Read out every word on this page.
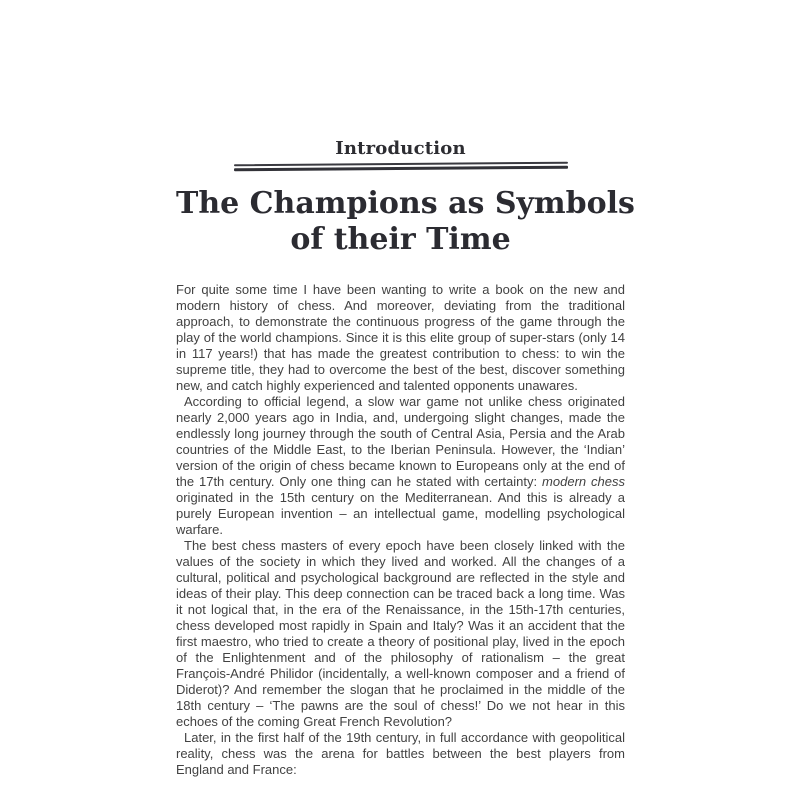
Introduction
The Champions as Symbols
of their Time

For quite some time I have been wanting to write a book on the new and modern history of chess. And moreover, deviating from the traditional approach, to demonstrate the continuous progress of the game through the play of the world champions. Since it is this elite group of super-stars (only 14 in 117 years!) that has made the greatest contribution to chess: to win the supreme title, they had to overcome the best of the best, discover something new, and catch highly experienced and talented opponents unawares.

According to official legend, a slow war game not unlike chess originated nearly 2,000 years ago in India, and, undergoing slight changes, made the endlessly long journey through the south of Central Asia, Persia and the Arab countries of the Middle East, to the Iberian Peninsula. However, the ‘Indian’ version of the origin of chess became known to Europeans only at the end of the 17th century. Only one thing can he stated with certainty: modern chess originated in the 15th century on the Mediterranean. And this is already a purely European invention – an intellectual game, modelling psychological warfare.

The best chess masters of every epoch have been closely linked with the values of the society in which they lived and worked. All the changes of a cultural, political and psychological background are reflected in the style and ideas of their play. This deep connection can be traced back a long time. Was it not logical that, in the era of the Renaissance, in the 15th-17th centuries, chess developed most rapidly in Spain and Italy? Was it an accident that the first maestro, who tried to create a theory of positional play, lived in the epoch of the Enlightenment and of the philosophy of rationalism – the great François-André Philidor (incidentally, a well-known composer and a friend of Diderot)? And remember the slogan that he proclaimed in the middle of the 18th century – ‘The pawns are the soul of chess!’ Do we not hear in this echoes of the coming Great French Revolution?

Later, in the first half of the 19th century, in full accordance with geopolitical reality, chess was the arena for battles between the best players from England and France:
